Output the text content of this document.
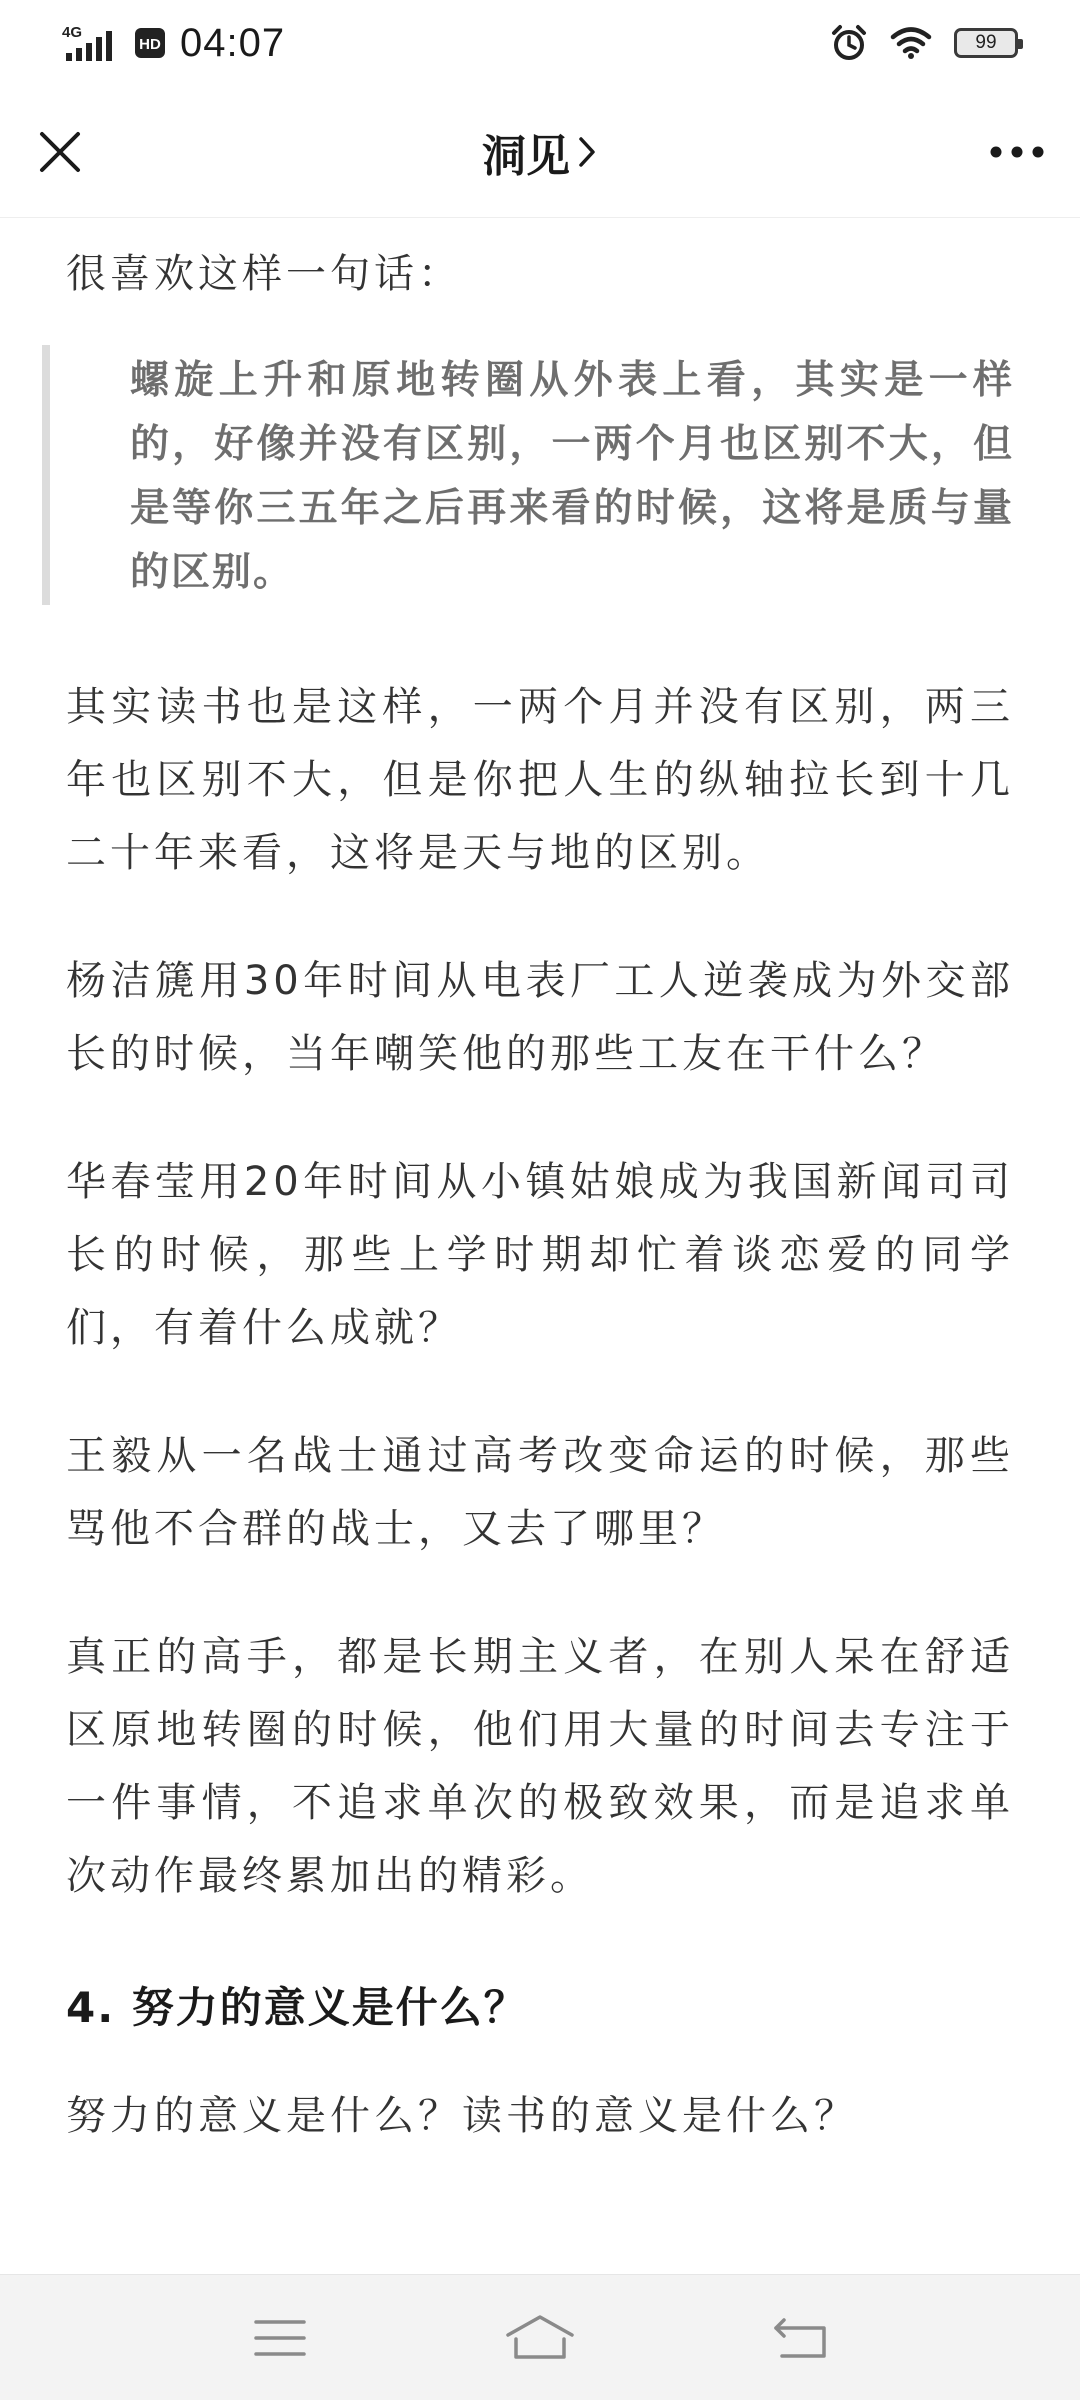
4G
HD 04:07	99
洞见

很喜欢这样一句话：

螺旋上升和原地转圈从外表上看，其实是一样的，好像并没有区别，一两个月也区别不大，但是等你三五年之后再来看的时候，这将是质与量的区别。

其实读书也是这样，一两个月并没有区别，两三年也区别不大，但是你把人生的纵轴拉长到十几二十年来看，这将是天与地的区别。

杨洁篪用30年时间从电表厂工人逆袭成为外交部长的时候，当年嘲笑他的那些工友在干什么？

华春莹用20年时间从小镇姑娘成为我国新闻司司长的时候，那些上学时期却忙着谈恋爱的同学们，有着什么成就？

王毅从一名战士通过高考改变命运的时候，那些骂他不合群的战士，又去了哪里？

真正的高手，都是长期主义者，在别人呆在舒适区原地转圈的时候，他们用大量的时间去专注于一件事情，不追求单次的极致效果，而是追求单次动作最终累加出的精彩。

4. 努力的意义是什么？

努力的意义是什么？读书的意义是什么？
